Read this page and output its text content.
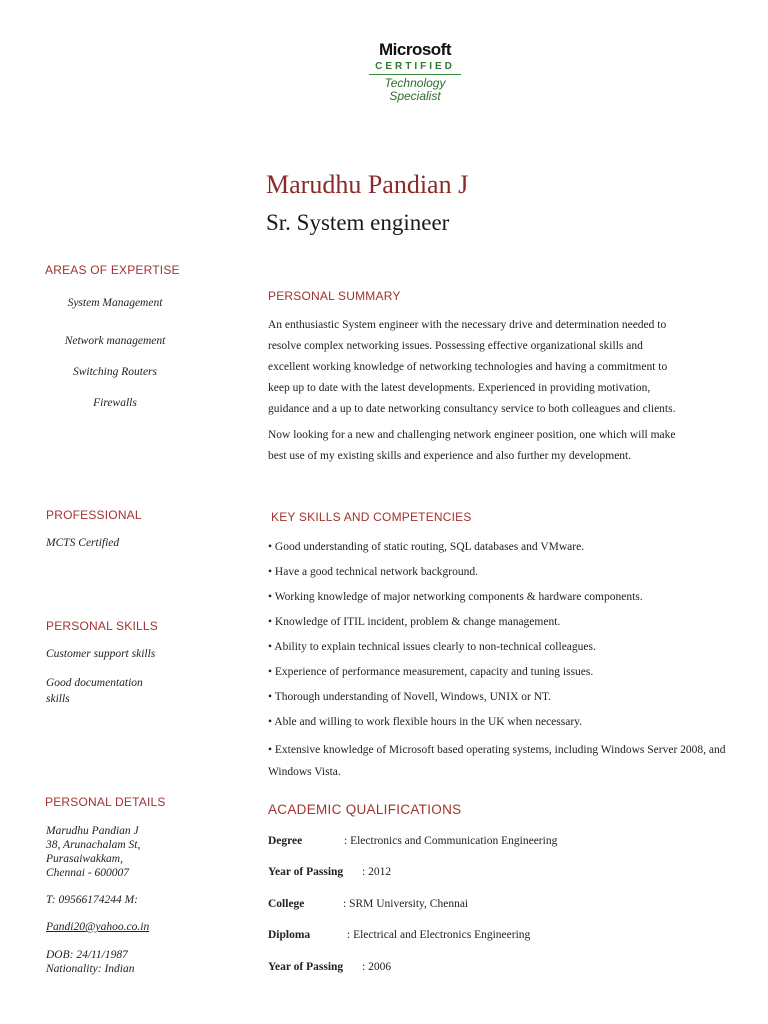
Microsoft
CERTIFIED
Technology
Specialist
Marudhu Pandian J
Sr. System engineer
AREAS OF EXPERTISE
System Management
Network management
Switching Routers
Firewalls
PROFESSIONAL
MCTS Certified
PERSONAL SKILLS
Customer support skills
Good documentation
skills
PERSONAL DETAILS
Marudhu Pandian J
38, Arunachalam St,
Purasaiwakkam,
Chennai - 600007
T: 09566174244 M:
Pandi20@yahoo.co.in
DOB: 24/11/1987
Nationality: Indian
PERSONAL SUMMARY
An enthusiastic System engineer with the necessary drive and determination needed to
resolve complex networking issues. Possessing effective organizational skills and
excellent working knowledge of networking technologies and having a commitment to
keep up to date with the latest developments. Experienced in providing motivation,
guidance and a up to date networking consultancy service to both colleagues and clients.
Now looking for a new and challenging network engineer position, one which will make
best use of my existing skills and experience and also further my development.
KEY SKILLS AND COMPETENCIES
• Good understanding of static routing, SQL databases and VMware.
• Have a good technical network background.
• Working knowledge of major networking components & hardware components.
• Knowledge of ITIL incident, problem & change management.
• Ability to explain technical issues clearly to non-technical colleagues.
• Experience of performance measurement, capacity and tuning issues.
• Thorough understanding of Novell, Windows, UNIX or NT.
• Able and willing to work flexible hours in the UK when necessary.
• Extensive knowledge of Microsoft based operating systems, including Windows Server 2008, and Windows Vista.
ACADEMIC QUALIFICATIONS
Degree	: Electronics and Communication Engineering
Year of Passing : 2012
College	: SRM University, Chennai
Diploma	: Electrical and Electronics Engineering
Year of Passing : 2006
